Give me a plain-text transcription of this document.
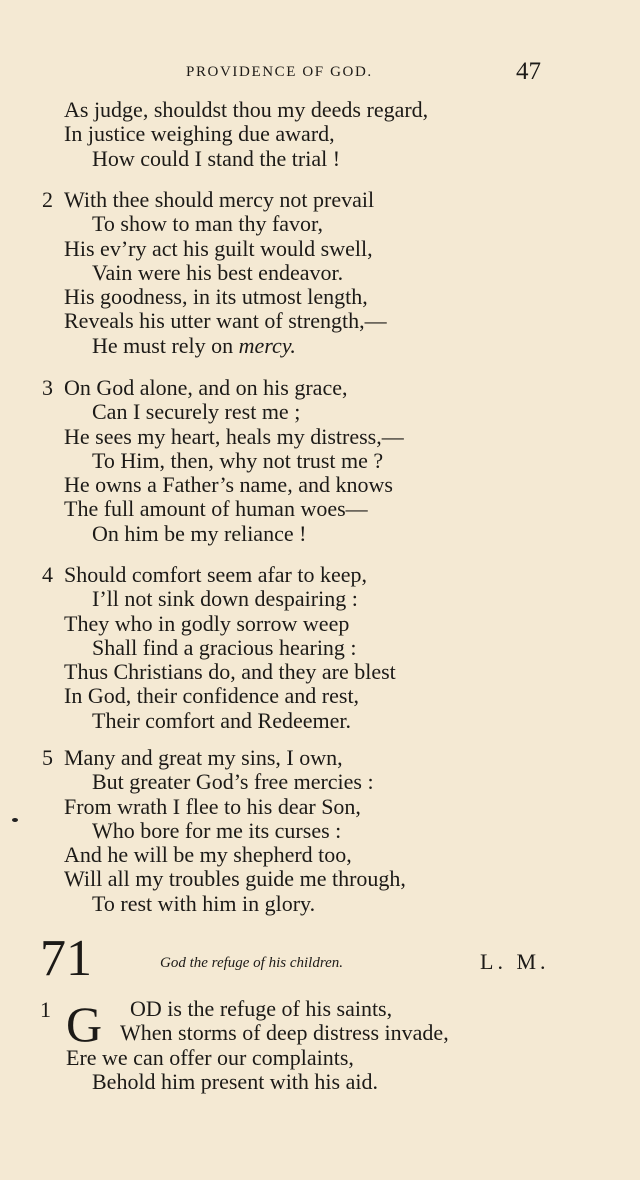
PROVIDENCE OF GOD.	47
As judge, shouldst thou my deeds regard,
In justice weighing due award,
How could I stand the trial !
2 With thee should mercy not prevail
To show to man thy favor,
His ev’ry act his guilt would swell,
Vain were his best endeavor.
His goodness, in its utmost length,
Reveals his utter want of strength,—
He must rely on mercy.
3 On God alone, and on his grace,
Can I securely rest me ;
He sees my heart, heals my distress,—
To Him, then, why not trust me ?
He owns a Father’s name, and knows
The full amount of human woes—
On him be my reliance !
4 Should comfort seem afar to keep,
I’ll not sink down despairing :
They who in godly sorrow weep
Shall find a gracious hearing :
Thus Christians do, and they are blest
In God, their confidence and rest,
Their comfort and Redeemer.
5 Many and great my sins, I own,
But greater God’s free mercies :
From wrath I flee to his dear Son,
Who bore for me its curses :
And he will be my shepherd too,
Will all my troubles guide me through,
To rest with him in glory.
71	God the refuge of his children.	L. M.
1 G	OD is the refuge of his saints,
When storms of deep distress invade,
Ere we can offer our complaints,
Behold him present with his aid.
